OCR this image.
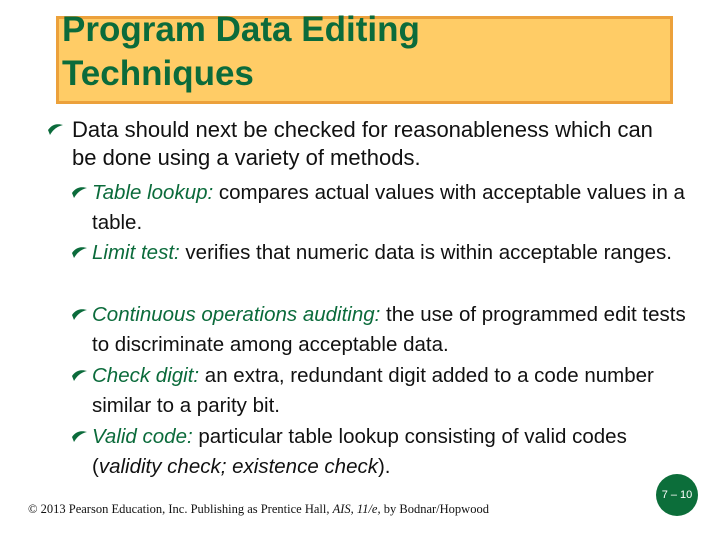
Program Data Editing
Techniques
Data should next be checked for reasonableness which can be done using a variety of methods.
Table lookup: compares actual values with acceptable values in a table.
Limit test: verifies that numeric data is within acceptable ranges.
Continuous operations auditing: the use of programmed edit tests to discriminate among acceptable data.
Check digit: an extra, redundant digit added to a code number similar to a parity bit.
Valid code: particular table lookup consisting of valid codes (validity check; existence check).
© 2013 Pearson Education, Inc. Publishing as Prentice Hall, AIS, 11/e, by Bodnar/Hopwood
7 – 10
